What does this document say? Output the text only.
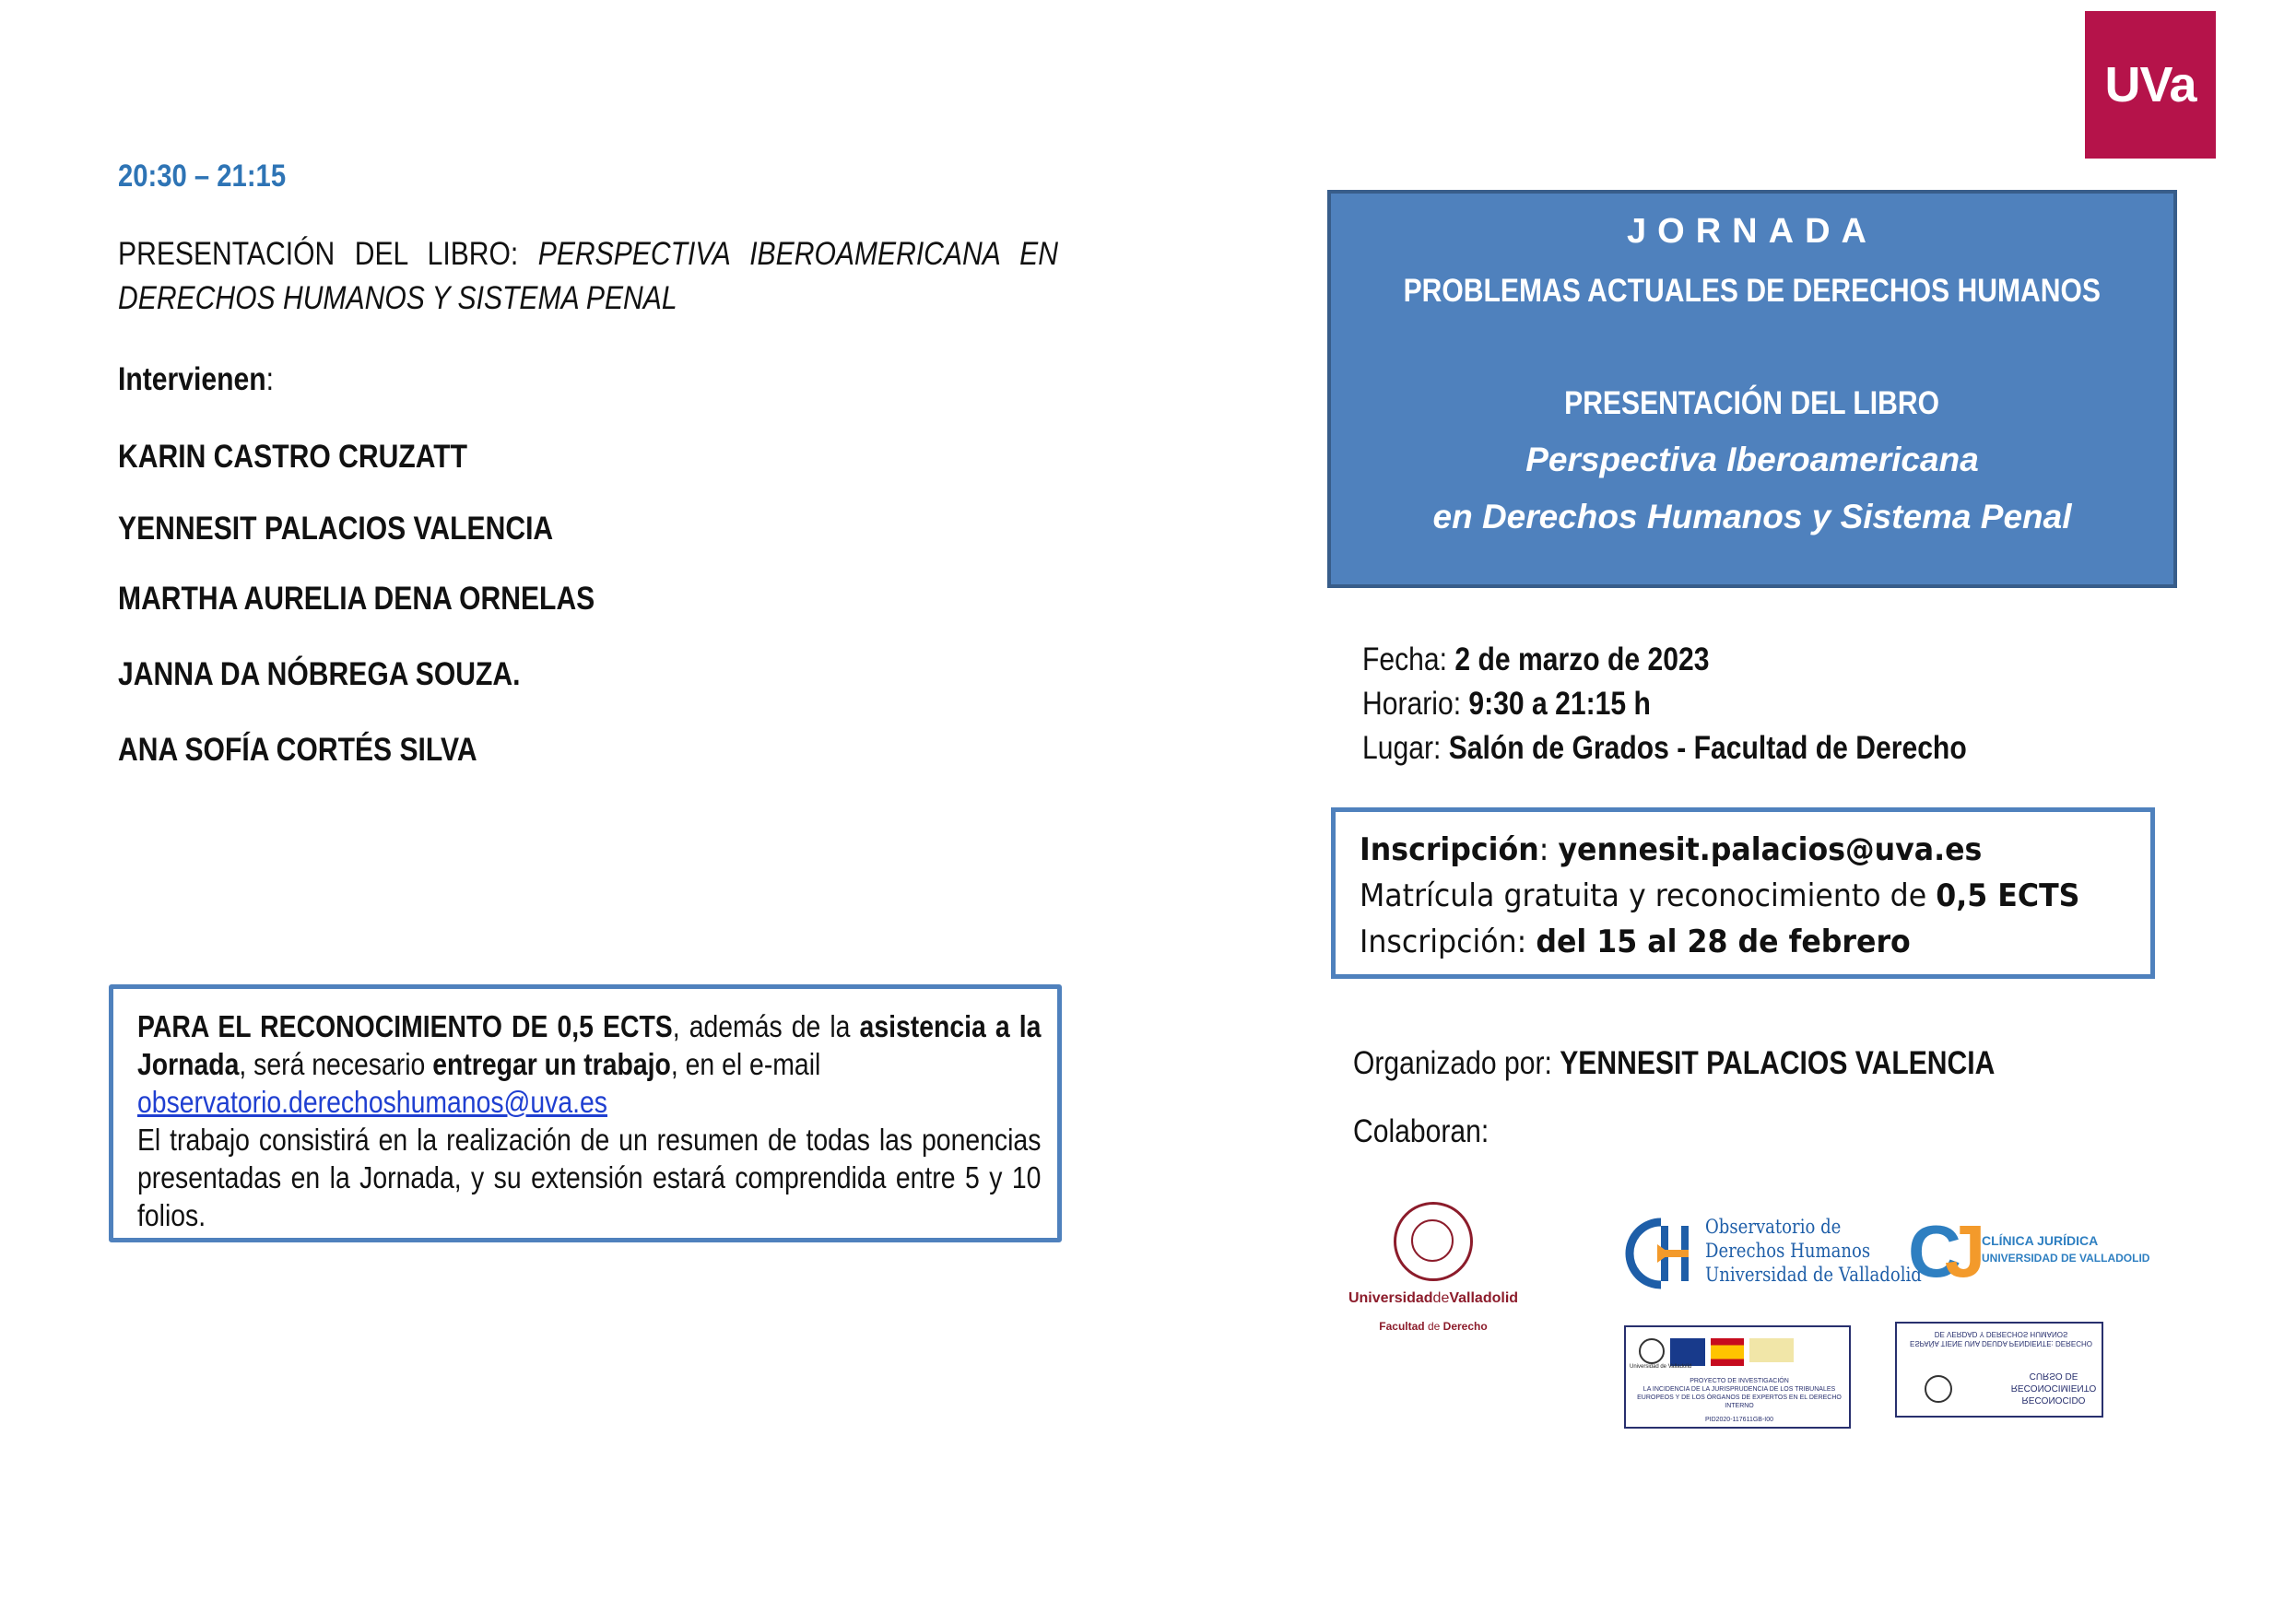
UVa
20:30 – 21:15
PRESENTACIÓN DEL LIBRO: PERSPECTIVA IBEROAMERICANA EN DERECHOS HUMANOS Y SISTEMA PENAL
Intervienen:
KARIN CASTRO CRUZATT
YENNESIT PALACIOS VALENCIA
MARTHA AURELIA DENA ORNELAS
JANNA DA NÓBREGA SOUZA.
ANA SOFÍA CORTÉS SILVA
PARA EL RECONOCIMIENTO DE 0,5 ECTS, además de la asistencia a la Jornada, será necesario entregar un trabajo, en el e-mail
observatorio.derechoshumanos@uva.es
El trabajo consistirá en la realización de un resumen de todas las ponencias presentadas en la Jornada, y su extensión estará comprendida entre 5 y 10 folios.
JORNADA
PROBLEMAS ACTUALES DE DERECHOS HUMANOS
PRESENTACIÓN DEL LIBRO
Perspectiva Iberoamericana
en Derechos Humanos y Sistema Penal
Fecha: 2 de marzo de 2023
Horario: 9:30 a 21:15 h
Lugar: Salón de Grados - Facultad de Derecho
Inscripción: yennesit.palacios@uva.es
Matrícula gratuita y reconocimiento de 0,5 ECTS
Inscripción: del 15 al 28 de febrero
Organizado por: YENNESIT PALACIOS VALENCIA
Colaboran:
UniversidaddeValladolid
Facultad de Derecho
Observatorio de
Derechos Humanos
Universidad de Valladolid
CJ CLÍNICA JURÍDICA
UNIVERSIDAD DE VALLADOLID
Universidad de Valladolid
PROYECTO DE INVESTIGACIÓN
LA INCIDENCIA DE LA JURISPRUDENCIA DE LOS TRIBUNALES EUROPEOS Y DE LOS ÓRGANOS DE EXPERTOS EN EL DERECHO INTERNO
PID2020-117611GB-I00
ESPAÑA TIENE UNA DEUDA PENDIENTE: DERECHO DE VERDAD Y DERECHOS HUMANOS
RECONOCIDO RECONOCIMIENTO CURSO DE
